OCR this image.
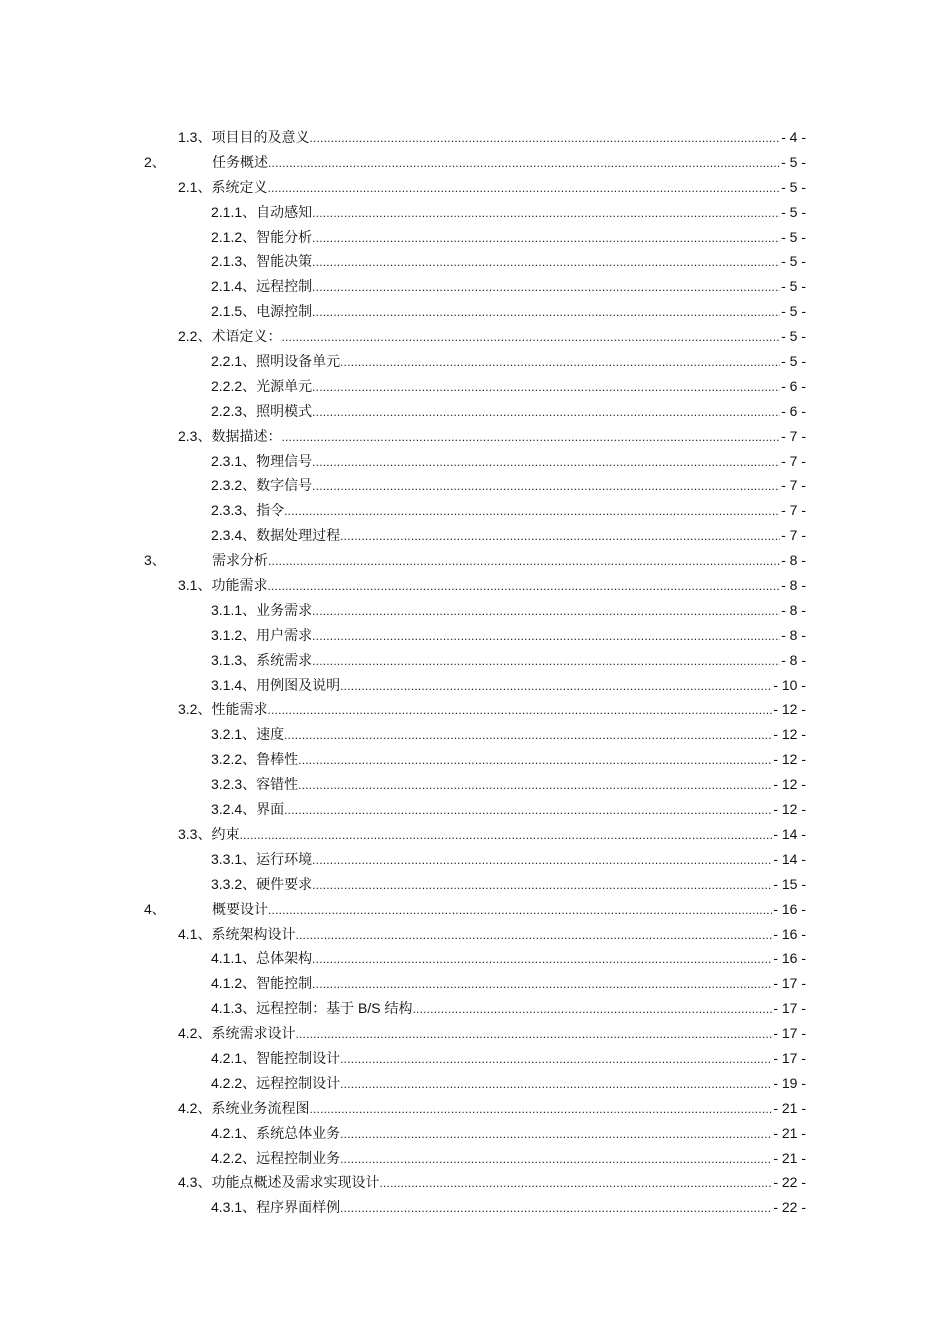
1.3、 项目目的及意义 .....	- 4 -
2、	任务概述 .....	- 5 -
2.1、 系统定义 .....	- 5 -
2.1.1、 自动感知 .....	- 5 -
2.1.2、 智能分析 .....	- 5 -
2.1.3、 智能决策 .....	- 5 -
2.1.4、 远程控制 .....	- 5 -
2.1.5、 电源控制 .....	- 5 -
2.2、 术语定义： .....	- 5 -
2.2.1、 照明设备单元 .....	- 5 -
2.2.2、 光源单元 .....	- 6 -
2.2.3、 照明模式 .....	- 6 -
2.3、 数据描述： .....	- 7 -
2.3.1、 物理信号 .....	- 7 -
2.3.2、 数字信号 .....	- 7 -
2.3.3、 指令 .....	- 7 -
2.3.4、 数据处理过程 .....	- 7 -
3、	需求分析 .....	- 8 -
3.1、 功能需求 .....	- 8 -
3.1.1、 业务需求 .....	- 8 -
3.1.2、 用户需求 .....	- 8 -
3.1.3、 系统需求 .....	- 8 -
3.1.4、 用例图及说明 .....	- 10 -
3.2、 性能需求 .....	- 12 -
3.2.1、 速度 .....	- 12 -
3.2.2、 鲁棒性 .....	- 12 -
3.2.3、 容错性 .....	- 12 -
3.2.4、 界面 .....	- 12 -
3.3、 约束 .....	- 14 -
3.3.1、 运行环境 .....	- 14 -
3.3.2、 硬件要求 .....	- 15 -
4、	概要设计 .....	- 16 -
4.1、 系统架构设计 .....	- 16 -
4.1.1、 总体架构 .....	- 16 -
4.1.2、 智能控制 .....	- 17 -
4.1.3、 远程控制：基于 B/S 结构 .....	- 17 -
4.2、 系统需求设计 .....	- 17 -
4.2.1、 智能控制设计 .....	- 17 -
4.2.2、 远程控制设计 .....	- 19 -
4.2、 系统业务流程图 .....	- 21 -
4.2.1、 系统总体业务 .....	- 21 -
4.2.2、 远程控制业务 .....	- 21 -
4.3、 功能点概述及需求实现设计 .....	- 22 -
4.3.1、 程序界面样例 .....	- 22 -
